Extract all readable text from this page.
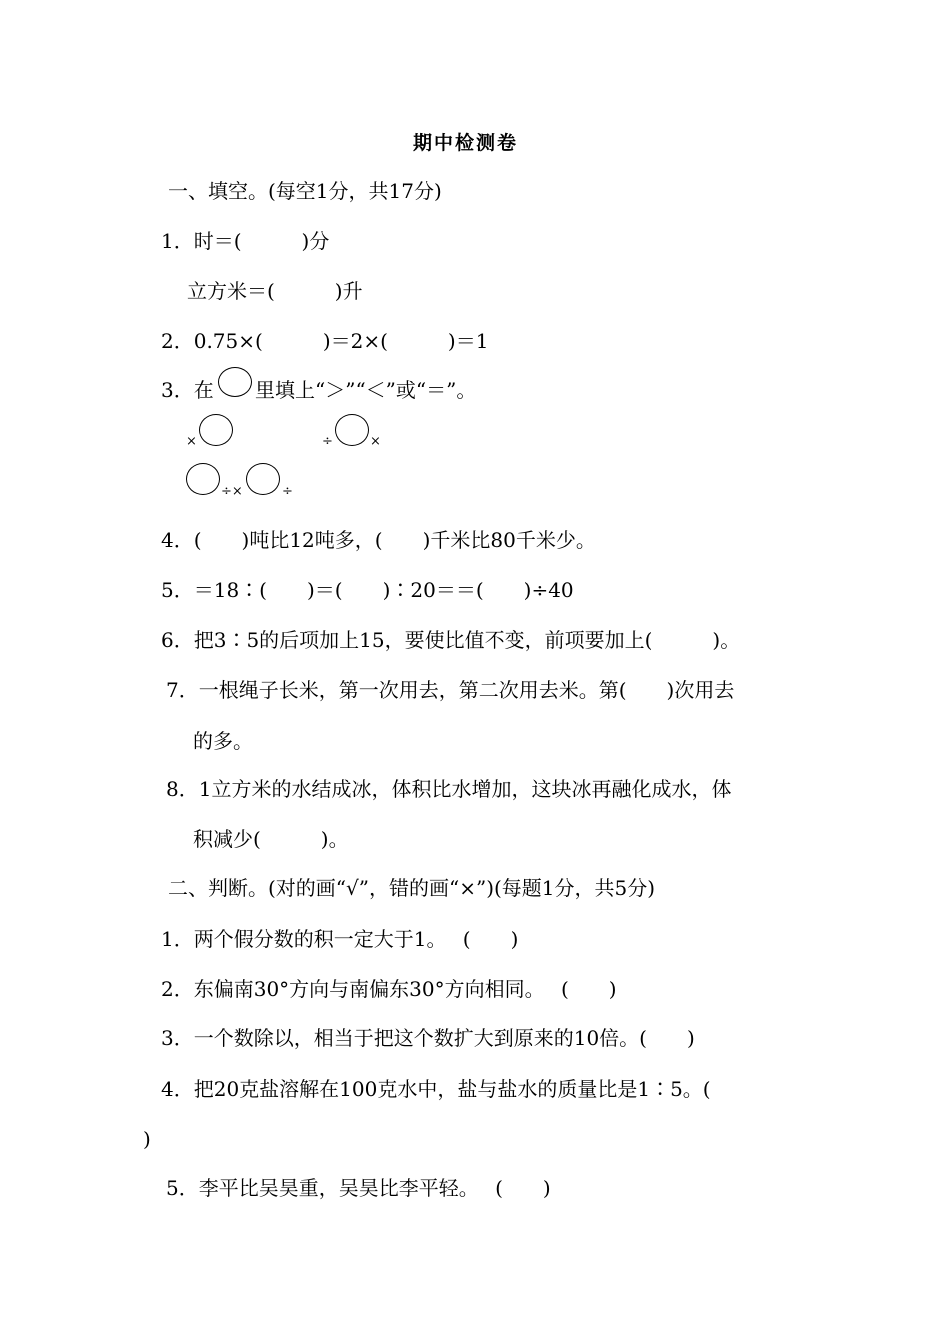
期中检测卷
一、填空。(每空1分，共17分)
1．时＝(　　　)分
立方米＝(　　　)升
2．0.75×(　　　)＝2×(　　　)＝1
3．在 里填上“＞”“＜”或“＝”。
×	÷	×
÷×	÷
4．(　　)吨比12吨多，(　　)千米比80千米少。
5．＝18∶(　　)＝(　　)∶20＝＝(　　)÷40
6．把3∶5的后项加上15，要使比值不变，前项要加上(　　　)。
7．一根绳子长米，第一次用去，第二次用去米。第(　　)次用去
的多。
8．1立方米的水结成冰，体积比水增加，这块冰再融化成水，体
积减少(　　　)。
二、判断。(对的画“√”，错的画“×”)(每题1分，共5分)
1．两个假分数的积一定大于1。　 (　　)
2．东偏南30°方向与南偏东30°方向相同。　 (　　)
3．一个数除以，相当于把这个数扩大到原来的10倍。(　　)
4．把20克盐溶解在100克水中，盐与盐水的质量比是1∶5。(
)
5．李平比吴昊重，吴昊比李平轻。　 (　　)
